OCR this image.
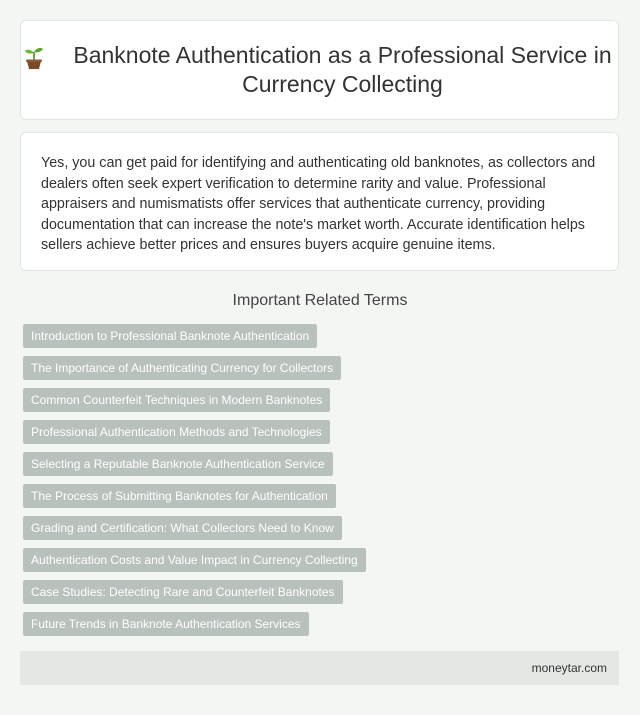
Banknote Authentication as a Professional Service in Currency Collecting

Yes, you can get paid for identifying and authenticating old banknotes, as collectors and dealers often seek expert verification to determine rarity and value. Professional appraisers and numismatists offer services that authenticate currency, providing documentation that can increase the note's market worth. Accurate identification helps sellers achieve better prices and ensures buyers acquire genuine items.

Important Related Terms
Introduction to Professional Banknote Authentication
The Importance of Authenticating Currency for Collectors
Common Counterfeit Techniques in Modern Banknotes
Professional Authentication Methods and Technologies
Selecting a Reputable Banknote Authentication Service
The Process of Submitting Banknotes for Authentication
Grading and Certification: What Collectors Need to Know
Authentication Costs and Value Impact in Currency Collecting
Case Studies: Detecting Rare and Counterfeit Banknotes
Future Trends in Banknote Authentication Services
moneytar.com
